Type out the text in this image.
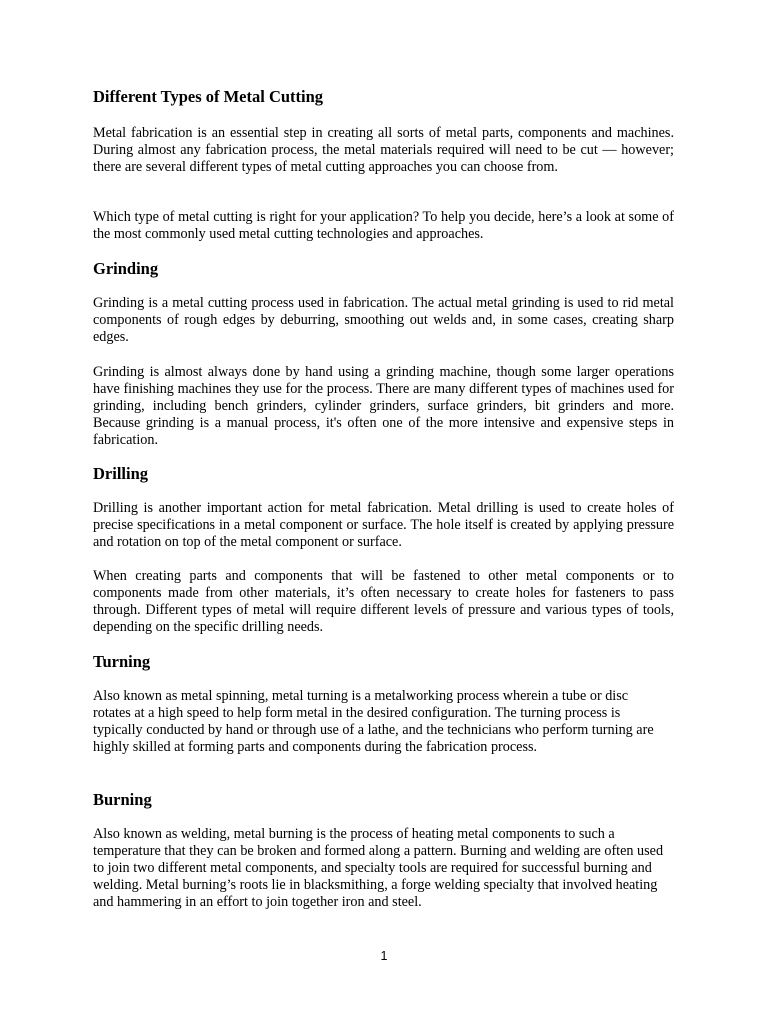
Different Types of Metal Cutting

Metal fabrication is an essential step in creating all sorts of metal parts, components and machines. During almost any fabrication process, the metal materials required will need to be cut — however; there are several different types of metal cutting approaches you can choose from.

Which type of metal cutting is right for your application? To help you decide, here’s a look at some of the most commonly used metal cutting technologies and approaches.

Grinding

Grinding is a metal cutting process used in fabrication. The actual metal grinding is used to rid metal components of rough edges by deburring, smoothing out welds and, in some cases, creating sharp edges.

Grinding is almost always done by hand using a grinding machine, though some larger operations have finishing machines they use for the process. There are many different types of machines used for grinding, including bench grinders, cylinder grinders, surface grinders, bit grinders and more. Because grinding is a manual process, it's often one of the more intensive and expensive steps in fabrication.

Drilling

Drilling is another important action for metal fabrication. Metal drilling is used to create holes of precise specifications in a metal component or surface. The hole itself is created by applying pressure and rotation on top of the metal component or surface.

When creating parts and components that will be fastened to other metal components or to components made from other materials, it’s often necessary to create holes for fasteners to pass through. Different types of metal will require different levels of pressure and various types of tools, depending on the specific drilling needs.

Turning

Also known as metal spinning, metal turning is a metalworking process wherein a tube or disc rotates at a high speed to help form metal in the desired configuration. The turning process is typically conducted by hand or through use of a lathe, and the technicians who perform turning are highly skilled at forming parts and components during the fabrication process.

Burning

Also known as welding, metal burning is the process of heating metal components to such a temperature that they can be broken and formed along a pattern. Burning and welding are often used to join two different metal components, and specialty tools are required for successful burning and welding. Metal burning’s roots lie in blacksmithing, a forge welding specialty that involved heating and hammering in an effort to join together iron and steel.

1
